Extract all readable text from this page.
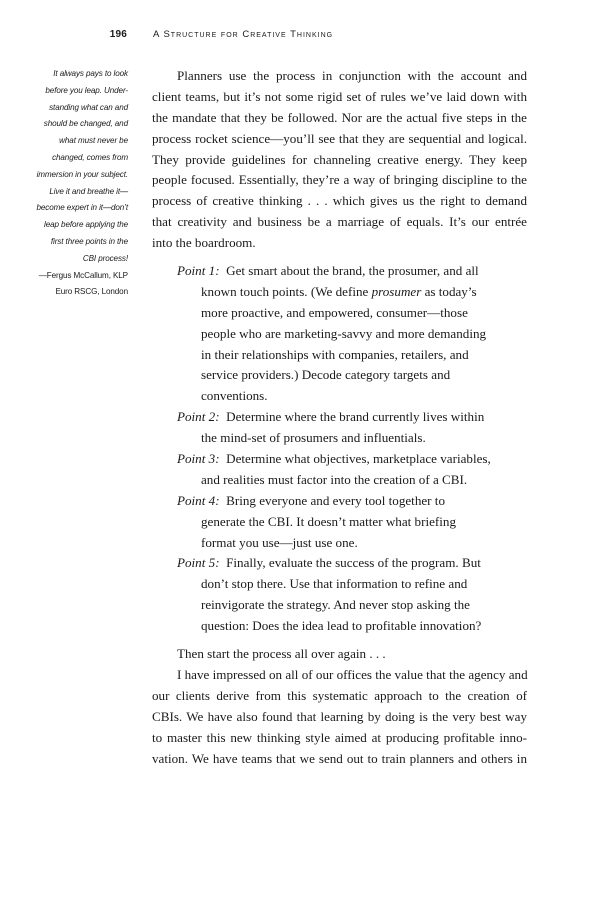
196	A Structure for Creative Thinking
It always pays to look
before you leap. Under-
standing what can and
should be changed, and
what must never be
changed, comes from
immersion in your subject.
Live it and breathe it—
become expert in it—don’t
leap before applying the
first three points in the
CBI process!
—Fergus McCallum, KLP
Euro RSCG, London
Planners use the process in conjunction with the account and
client teams, but it’s not some rigid set of rules we’ve laid down with
the mandate that they be followed. Nor are the actual five steps in the
process rocket science—you’ll see that they are sequential and logical.
They provide guidelines for channeling creative energy. They keep
people focused. Essentially, they’re a way of bringing discipline to the
process of creative thinking . . . which gives us the right to demand
that creativity and business be a marriage of equals. It’s our entrée
into the boardroom.
Point 1: Get smart about the brand, the prosumer, and all
known touch points. (We define prosumer as today’s
more proactive, and empowered, consumer—those
people who are marketing-savvy and more demanding
in their relationships with companies, retailers, and
service providers.) Decode category targets and
conventions.
Point 2: Determine where the brand currently lives within
the mind-set of prosumers and influentials.
Point 3: Determine what objectives, marketplace variables,
and realities must factor into the creation of a CBI.
Point 4: Bring everyone and every tool together to
generate the CBI. It doesn’t matter what briefing
format you use—just use one.
Point 5: Finally, evaluate the success of the program. But
don’t stop there. Use that information to refine and
reinvigorate the strategy. And never stop asking the
question: Does the idea lead to profitable innovation?
Then start the process all over again . . .
I have impressed on all of our offices the value that the agency and
our clients derive from this systematic approach to the creation of
CBIs. We have also found that learning by doing is the very best way
to master this new thinking style aimed at producing profitable inno-
vation. We have teams that we send out to train planners and others in
